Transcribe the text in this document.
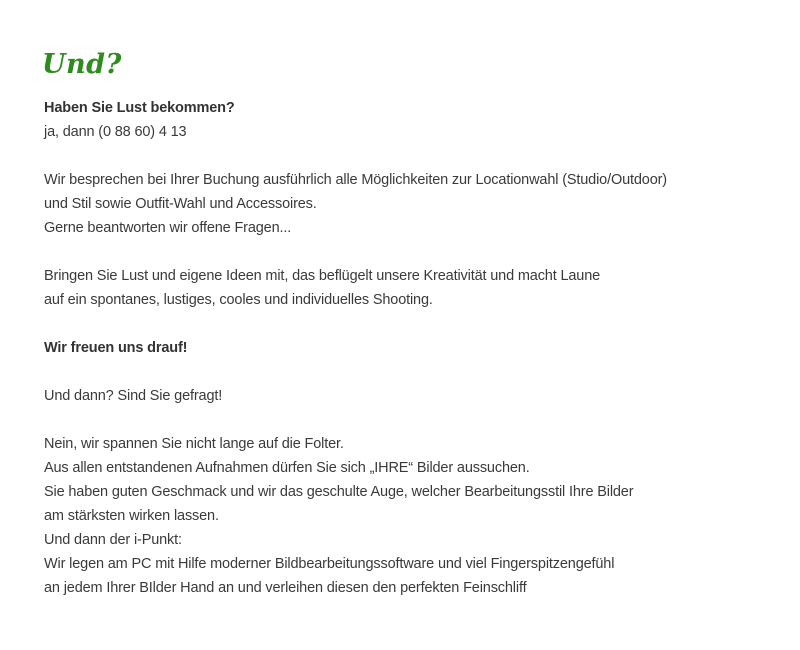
Und?

Haben Sie Lust bekommen?

ja, dann (0 88 60) 4 13

Wir besprechen bei Ihrer Buchung ausführlich alle Möglichkeiten zur Locationwahl (Studio/Outdoor)

und Stil sowie Outfit-Wahl und Accessoires.

Gerne beantworten wir offene Fragen...

Bringen Sie Lust und eigene Ideen mit, das beflügelt unsere Kreativität und macht Laune

auf ein spontanes, lustiges, cooles und individuelles Shooting.

Wir freuen uns drauf!

Und dann? Sind Sie gefragt!

Nein, wir spannen Sie nicht lange auf die Folter.

Aus allen entstandenen Aufnahmen dürfen Sie sich „IHRE“ Bilder aussuchen.

Sie haben guten Geschmack und wir das geschulte Auge, welcher Bearbeitungsstil Ihre Bilder

am stärksten wirken lassen.

Und dann der i-Punkt:

Wir legen am PC mit Hilfe moderner Bildbearbeitungssoftware und viel Fingerspitzengefühl

an jedem Ihrer BIlder Hand an und verleihen diesen den perfekten Feinschliff
